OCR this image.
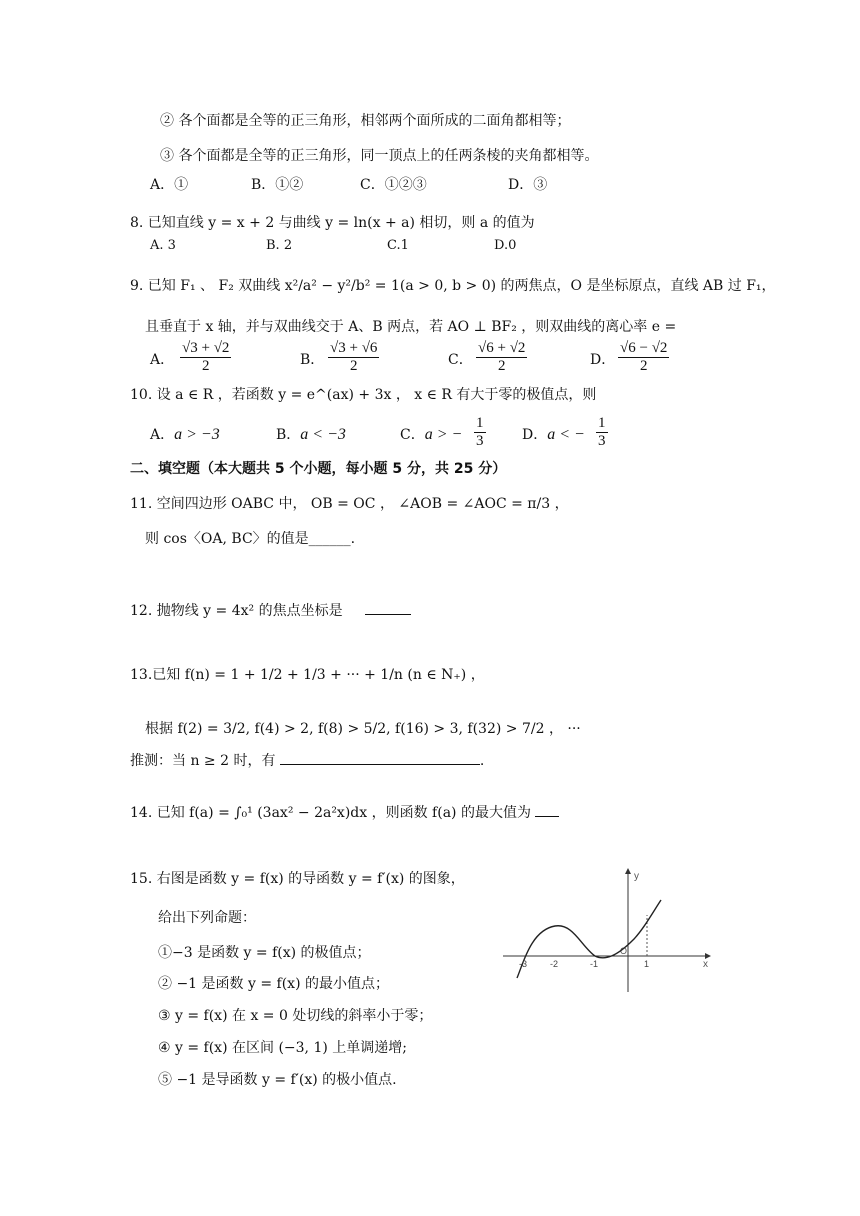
② 各个面都是全等的正三角形，相邻两个面所成的二面角都相等；
③ 各个面都是全等的正三角形，同一顶点上的任两条棱的夹角都相等。
A．①	B．①②	C．①②③	D．③
8. 已知直线 y = x + 2 与曲线 y = ln(x + a) 相切，则 a 的值为
A. 3	B. 2	C.1	D.0
9. 已知 F₁ 、 F₂ 双曲线 x²/a² − y²/b² = 1(a > 0, b > 0) 的两焦点，O 是坐标原点，直线 AB 过 F₁，
且垂直于 x 轴，并与双曲线交于 A、B 两点，若 AO ⊥ BF₂ ，则双曲线的离心率 e =
A． $\frac{√3 + √2}{2}$	B． $\frac{√3 + √6}{2}$	C． $\frac{√6 + √2}{2}$	D． $\frac{√6 - √2}{2}$
10. 设 a ∈ R ，若函数 y = e^(ax) + 3x ， x ∈ R 有大于零的极值点，则
A．a > −3	B．a < −3	C．a > − $\frac{1}{3}$	D．a < − $\frac{1}{3}$
二、填空题（本大题共 5 个小题，每小题 5 分，共 25 分）
11. 空间四边形 OABC 中， OB = OC ， ∠AOB = ∠AOC = π/3 ，
则 cos〈OA, BC〉的值是______.
12. 抛物线 y = 4x² 的焦点坐标是
13.已知 f(n) = 1 + 1/2 + 1/3 + ··· + 1/n (n ∈ N₊) ，
根据 f(2) = 3/2, f(4) > 2, f(8) > 5/2, f(16) > 3, f(32) > 7/2 ， ···
推测：当 n ≥ 2 时，有	.
14. 已知 f(a) = ∫₀¹ (3ax² − 2a²x)dx ，则函数 f(a) 的最大值为
15. 右图是函数 y = f(x) 的导函数 y = f′(x) 的图象，
给出下列命题：
①−3 是函数 y = f(x) 的极值点；
② −1 是函数 y = f(x) 的最小值点；
③ y = f(x) 在 x = 0 处切线的斜率小于零；
④ y = f(x) 在区间 (−3, 1) 上单调递增;
⑤ −1 是导函数 y = f′(x) 的极小值点.
y
x
O
-3	-2	-1	1
